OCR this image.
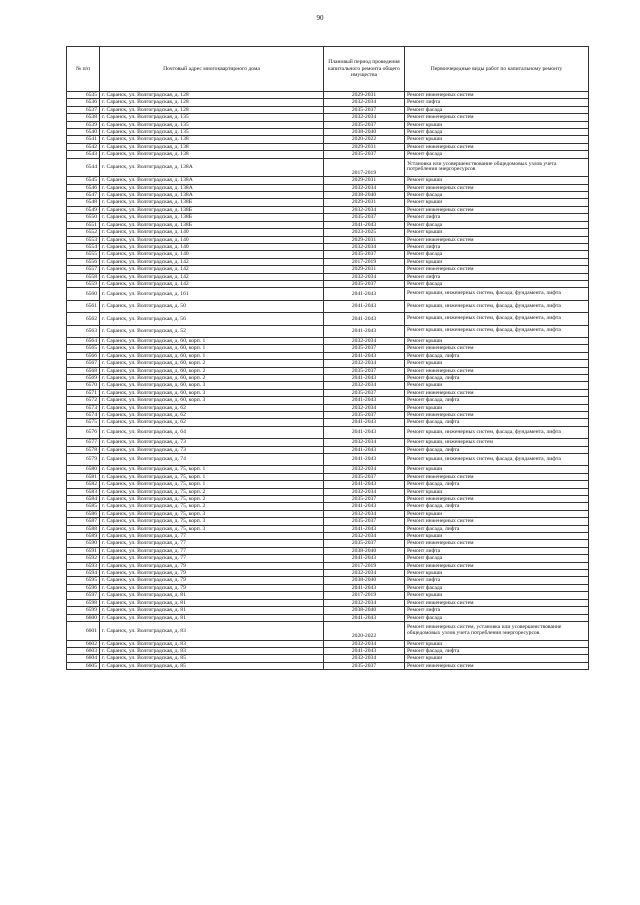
90
№ п/п	Почтовый адрес многоквартирного дома	Плановый период проведения капитального ремонта общего имущества	Первоочередные виды работ по капитальному ремонту
6535	г. Саранск, ул. Волгоградская, д. 128	2029-2031	Ремонт инженерных систем
6536	г. Саранск, ул. Волгоградская, д. 128	2032-2034	Ремонт лифта
6537	г. Саранск, ул. Волгоградская, д. 128	2035-2037	Ремонт фасада
6538	г. Саранск, ул. Волгоградская, д. 135	2032-2034	Ремонт инженерных систем
6539	г. Саранск, ул. Волгоградская, д. 135	2035-2037	Ремонт крыши
6540	г. Саранск, ул. Волгоградская, д. 135	2038-2040	Ремонт фасада
6541	г. Саранск, ул. Волгоградская, д. 138	2020-2022	Ремонт крыши
6542	г. Саранск, ул. Волгоградская, д. 138	2029-2031	Ремонт инженерных систем
6543	г. Саранск, ул. Волгоградская, д. 138	2035-2037	Ремонт фасада
6544	г. Саранск, ул. Волгоградская, д. 138А	2017-2019	Установка или усовершенствование общедомовых узлов учета потребления энергоресурсов
6545	г. Саранск, ул. Волгоградская, д. 138А	2029-2031	Ремонт крыши
6546	г. Саранск, ул. Волгоградская, д. 138А	2032-2034	Ремонт инженерных систем
6547	г. Саранск, ул. Волгоградская, д. 138А	2038-2040	Ремонт фасада
6548	г. Саранск, ул. Волгоградская, д. 138Б	2029-2031	Ремонт крыши
6549	г. Саранск, ул. Волгоградская, д. 138Б	2032-2034	Ремонт инженерных систем
6550	г. Саранск, ул. Волгоградская, д. 138Б	2035-2037	Ремонт лифта
6551	г. Саранск, ул. Волгоградская, д. 138Б	2041-2043	Ремонт фасада
6552	г. Саранск, ул. Волгоградская, д. 140	2023-2025	Ремонт крыши
6553	г. Саранск, ул. Волгоградская, д. 140	2029-2031	Ремонт инженерных систем
6554	г. Саранск, ул. Волгоградская, д. 140	2032-2034	Ремонт лифта
6555	г. Саранск, ул. Волгоградская, д. 140	2035-2037	Ремонт фасада
6556	г. Саранск, ул. Волгоградская, д. 142	2017-2019	Ремонт крыши
6557	г. Саранск, ул. Волгоградская, д. 142	2029-2031	Ремонт инженерных систем
6558	г. Саранск, ул. Волгоградская, д. 142	2032-2034	Ремонт лифта
6559	г. Саранск, ул. Волгоградская, д. 142	2035-2037	Ремонт фасада
6560	г. Саранск, ул. Волгоградская, д. 161	2041-2043	Ремонт крыши, инженерных систем, фасада, фундамента, лифта
6561	г. Саранск, ул. Волгоградская, д. 50	2041-2043	Ремонт крыши, инженерных систем, фасада, фундамента, лифта
6562	г. Саранск, ул. Волгоградская, д. 56	2041-2043	Ремонт крыши, инженерных систем, фасада, фундамента, лифта
6563	г. Саранск, ул. Волгоградская, д. 52	2041-2043	Ремонт крыши, инженерных систем, фасада, фундамента, лифта
6564	г. Саранск, ул. Волгоградская, д. 60, корп. 1	2032-2034	Ремонт крыши
6565	г. Саранск, ул. Волгоградская, д. 60, корп. 1	2035-2037	Ремонт инженерных систем
6566	г. Саранск, ул. Волгоградская, д. 60, корп. 1	2041-2043	Ремонт фасада, лифта
6567	г. Саранск, ул. Волгоградская, д. 60, корп. 2	2032-2034	Ремонт крыши
6568	г. Саранск, ул. Волгоградская, д. 60, корп. 2	2035-2037	Ремонт инженерных систем
6569	г. Саранск, ул. Волгоградская, д. 60, корп. 2	2041-2043	Ремонт фасада, лифта
6570	г. Саранск, ул. Волгоградская, д. 60, корп. 3	2032-2034	Ремонт крыши
6571	г. Саранск, ул. Волгоградская, д. 60, корп. 3	2035-2037	Ремонт инженерных систем
6572	г. Саранск, ул. Волгоградская, д. 60, корп. 3	2041-2043	Ремонт фасада, лифта
6573	г. Саранск, ул. Волгоградская, д. 62	2032-2034	Ремонт крыши
6574	г. Саранск, ул. Волгоградская, д. 62	2035-2037	Ремонт инженерных систем
6575	г. Саранск, ул. Волгоградская, д. 62	2041-2043	Ремонт фасада, лифта
6576	г. Саранск, ул. Волгоградская, д. 64	2041-2043	Ремонт крыши, инженерных систем, фасада, фундамента, лифта
6577	г. Саранск, ул. Волгоградская, д. 73	2032-2034	Ремонт крыши, инженерных систем
6578	г. Саранск, ул. Волгоградская, д. 73	2041-2043	Ремонт фасада, лифта
6579	г. Саранск, ул. Волгоградская, д. 74	2041-2043	Ремонт крыши, инженерных систем, фасада, фундамента, лифта
6580	г. Саранск, ул. Волгоградская, д. 75, корп. 1	2032-2034	Ремонт крыши
6581	г. Саранск, ул. Волгоградская, д. 75, корп. 1	2035-2037	Ремонт инженерных систем
6582	г. Саранск, ул. Волгоградская, д. 75, корп. 1	2041-2043	Ремонт фасада, лифта
6583	г. Саранск, ул. Волгоградская, д. 75, корп. 2	2032-2034	Ремонт крыши
6584	г. Саранск, ул. Волгоградская, д. 75, корп. 2	2035-2037	Ремонт инженерных систем
6585	г. Саранск, ул. Волгоградская, д. 75, корп. 2	2041-2043	Ремонт фасада, лифта
6586	г. Саранск, ул. Волгоградская, д. 75, корп. 3	2032-2034	Ремонт крыши
6587	г. Саранск, ул. Волгоградская, д. 75, корп. 3	2035-2037	Ремонт инженерных систем
6588	г. Саранск, ул. Волгоградская, д. 75, корп. 3	2041-2043	Ремонт фасада, лифта
6589	г. Саранск, ул. Волгоградская, д. 77	2032-2034	Ремонт крыши
6590	г. Саранск, ул. Волгоградская, д. 77	2035-2037	Ремонт инженерных систем
6591	г. Саранск, ул. Волгоградская, д. 77	2038-2040	Ремонт лифта
6592	г. Саранск, ул. Волгоградская, д. 77	2041-2043	Ремонт фасада
6593	г. Саранск, ул. Волгоградская, д. 79	2017-2019	Ремонт инженерных систем
6594	г. Саранск, ул. Волгоградская, д. 79	2032-2034	Ремонт крыши
6595	г. Саранск, ул. Волгоградская, д. 79	2038-2040	Ремонт лифта
6596	г. Саранск, ул. Волгоградская, д. 79	2041-2043	Ремонт фасада
6597	г. Саранск, ул. Волгоградская, д. 81	2017-2019	Ремонт крыши
6598	г. Саранск, ул. Волгоградская, д. 81	2032-2034	Ремонт инженерных систем
6599	г. Саранск, ул. Волгоградская, д. 81	2038-2040	Ремонт лифта
6600	г. Саранск, ул. Волгоградская, д. 81	2041-2043	Ремонт фасада
6601	г. Саранск, ул. Волгоградская, д. 83	2020-2022	Ремонт инженерных систем, установка или усовершенствование общедомовых узлов учета потребления энергоресурсов
6602	г. Саранск, ул. Волгоградская, д. 83	2032-2034	Ремонт крыши
6603	г. Саранск, ул. Волгоградская, д. 83	2041-2043	Ремонт фасада, лифта
6604	г. Саранск, ул. Волгоградская, д. 85	2032-2034	Ремонт крыши
6605	г. Саранск, ул. Волгоградская, д. 85	2035-2037	Ремонт инженерных систем
